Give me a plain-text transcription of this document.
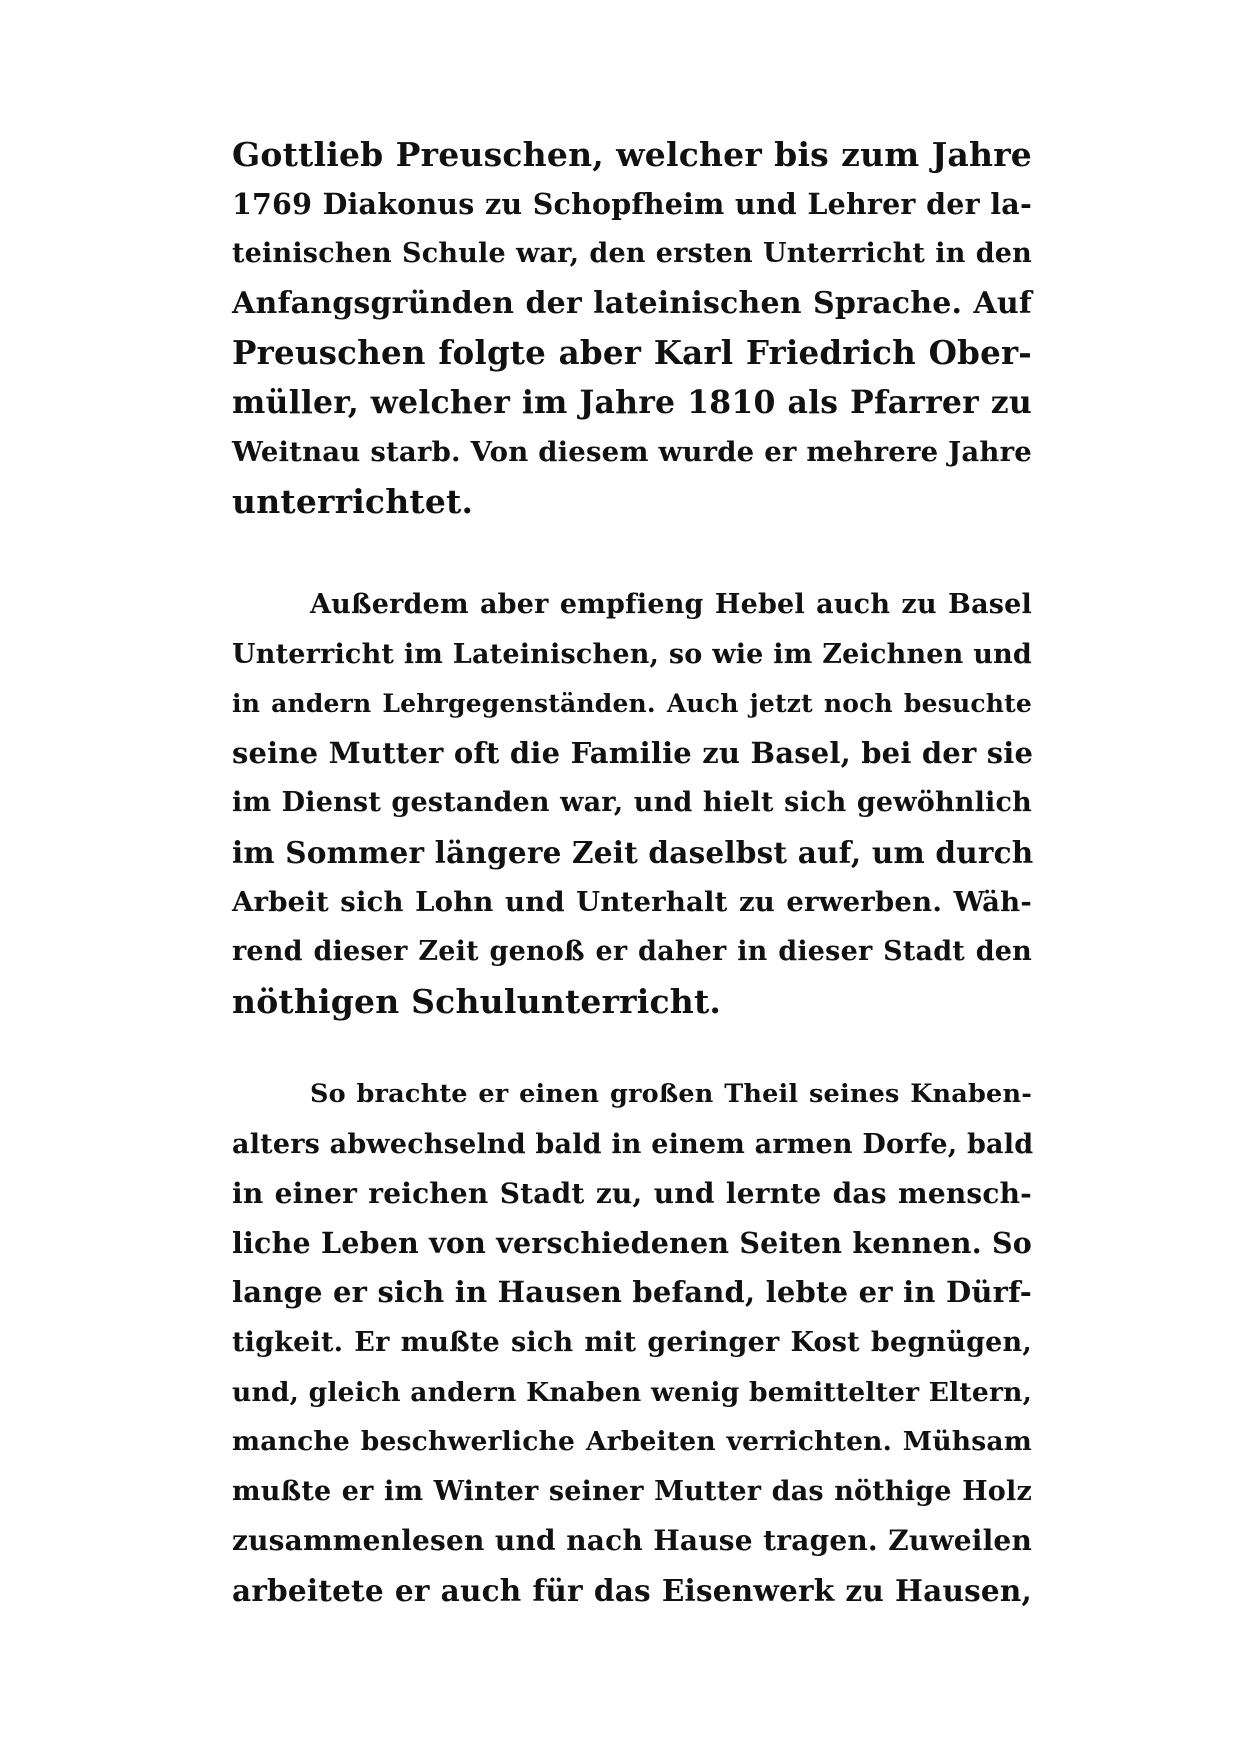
Gottlieb Preuschen, welcher bis zum Jahre
1769 Diakonus zu Schopfheim und Lehrer der la-
teinischen Schule war, den ersten Unterricht in den
Anfangsgründen der lateinischen Sprache. Auf
Preuschen folgte aber Karl Friedrich Ober-
müller, welcher im Jahre 1810 als Pfarrer zu
Weitnau starb. Von diesem wurde er mehrere Jahre
unterrichtet.
Außerdem aber empfieng Hebel auch zu Basel
Unterricht im Lateinischen, so wie im Zeichnen und
in andern Lehrgegenständen. Auch jetzt noch besuchte
seine Mutter oft die Familie zu Basel, bei der sie
im Dienst gestanden war, und hielt sich gewöhnlich
im Sommer längere Zeit daselbst auf, um durch
Arbeit sich Lohn und Unterhalt zu erwerben. Wäh-
rend dieser Zeit genoß er daher in dieser Stadt den
nöthigen Schulunterricht.
So brachte er einen großen Theil seines Knaben-
alters abwechselnd bald in einem armen Dorfe, bald
in einer reichen Stadt zu, und lernte das mensch-
liche Leben von verschiedenen Seiten kennen. So
lange er sich in Hausen befand, lebte er in Dürf-
tigkeit. Er mußte sich mit geringer Kost begnügen,
und, gleich andern Knaben wenig bemittelter Eltern,
manche beschwerliche Arbeiten verrichten. Mühsam
mußte er im Winter seiner Mutter das nöthige Holz
zusammenlesen und nach Hause tragen. Zuweilen
arbeitete er auch für das Eisenwerk zu Hausen,
